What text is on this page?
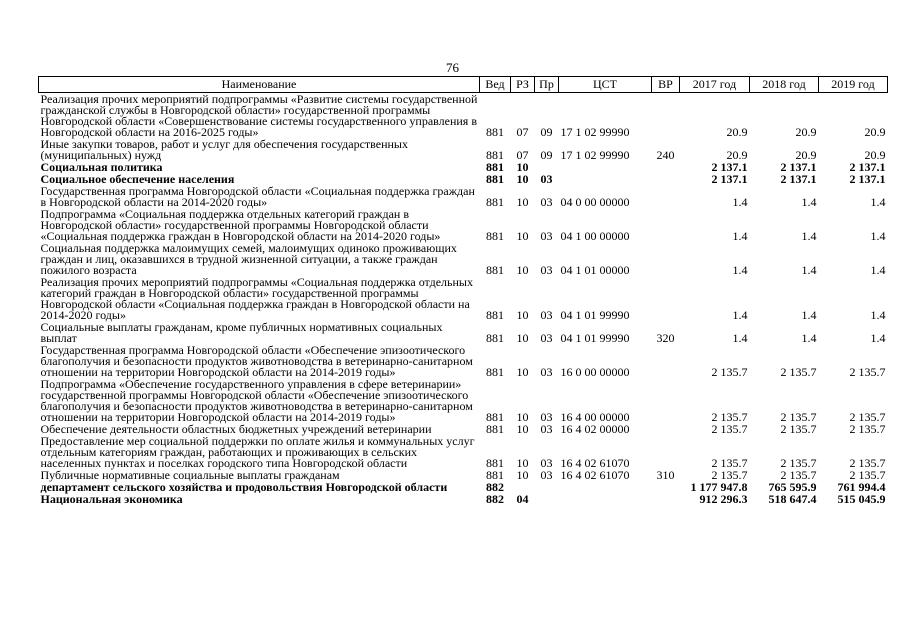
76
Наименование	Вед	РЗ	Пр	ЦСТ	ВР	2017 год	2018 год	2019 год
Реализация прочих мероприятий подпрограммы «Развитие системы государственной гражданской службы в Новгородской области» государственной программы Новгородской области «Совершенствование системы государственного управления в Новгородской области на 2016-2025 годы»	881	07	09	17 1 02 99990		20.9	20.9	20.9
Иные закупки товаров, работ и услуг для обеспечения государственных (муниципальных) нужд	881	07	09	17 1 02 99990	240	20.9	20.9	20.9
Социальная политика	881	10				2 137.1	2 137.1	2 137.1
Социальное обеспечение населения	881	10	03			2 137.1	2 137.1	2 137.1
Государственная программа Новгородской области «Социальная поддержка граждан в Новгородской области на 2014-2020 годы»	881	10	03	04 0 00 00000		1.4	1.4	1.4
Подпрограмма «Социальная поддержка отдельных категорий граждан в Новгородской области» государственной программы Новгородской области «Социальная поддержка граждан в Новгородской области на 2014-2020 годы»	881	10	03	04 1 00 00000		1.4	1.4	1.4
Социальная поддержка малоимущих семей, малоимущих одиноко проживающих граждан и лиц, оказавшихся в трудной жизненной ситуации, а также граждан пожилого возраста	881	10	03	04 1 01 00000		1.4	1.4	1.4
Реализация прочих мероприятий подпрограммы «Социальная поддержка отдельных категорий граждан в Новгородской области» государственной программы Новгородской области «Социальная поддержка граждан в Новгородской области на 2014-2020 годы»	881	10	03	04 1 01 99990		1.4	1.4	1.4
Социальные выплаты гражданам, кроме публичных нормативных социальных выплат	881	10	03	04 1 01 99990	320	1.4	1.4	1.4
Государственная программа Новгородской области «Обеспечение эпизоотического благополучия и безопасности продуктов животноводства в ветеринарно-санитарном отношении на территории Новгородской области на 2014-2019 годы»	881	10	03	16 0 00 00000		2 135.7	2 135.7	2 135.7
Подпрограмма «Обеспечение государственного управления в сфере ветеринарии» государственной программы Новгородской области «Обеспечение эпизоотического благополучия и безопасности продуктов животноводства в ветеринарно-санитарном отношении на территории Новгородской области на 2014-2019 годы»	881	10	03	16 4 00 00000		2 135.7	2 135.7	2 135.7
Обеспечение деятельности областных бюджетных учреждений ветеринарии	881	10	03	16 4 02 00000		2 135.7	2 135.7	2 135.7
Предоставление мер социальной поддержки по оплате жилья и коммунальных услуг отдельным категориям граждан, работающих и проживающих в сельских населенных пунктах и поселках городского типа Новгородской области	881	10	03	16 4 02 61070		2 135.7	2 135.7	2 135.7
Публичные нормативные социальные выплаты гражданам	881	10	03	16 4 02 61070	310	2 135.7	2 135.7	2 135.7
департамент сельского хозяйства и продовольствия Новгородской области	882					1 177 947.8	765 595.9	761 994.4
Национальная экономика	882	04				912 296.3	518 647.4	515 045.9
